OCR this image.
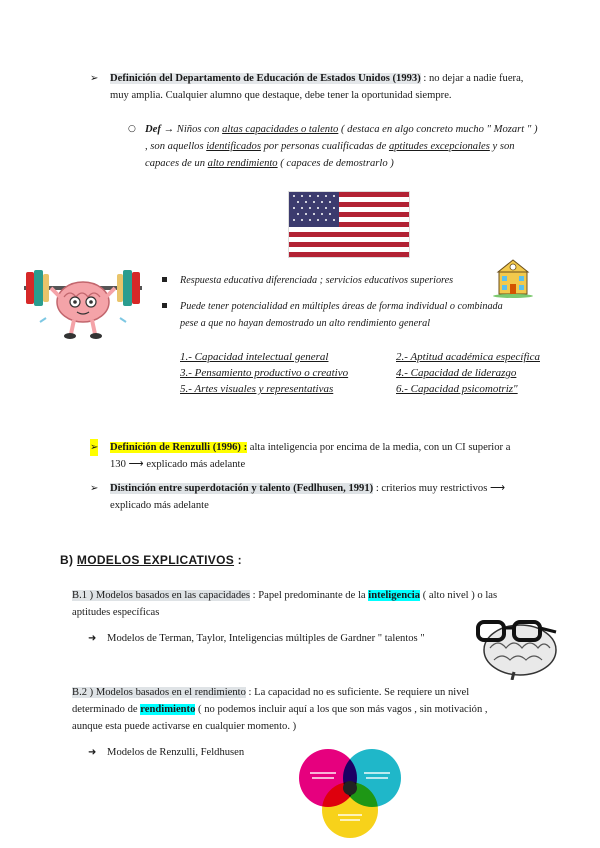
➢ Definición del Departamento de Educación de Estados Unidos (1993) : no dejar a nadie fuera,
muy amplia. Cualquier alumno que destaque, debe tener la oportunidad siempre.
○ Def → Niños con altas capacidades o talento ( destaca en algo concreto mucho " Mozart " )
, son aquellos identificados por personas cualificadas de aptitudes excepcionales y son
capaces de un alto rendimiento ( capaces de demostrarlo )
Respuesta educativa diferenciada ; servicios educativos superiores
Puede tener potencialidad en múltiples áreas de forma individual o combinada
pese a que no hayan demostrado un alto rendimiento general
1.- Capacidad intelectual general	2.- Aptitud académica específica
3.- Pensamiento productivo o creativo	4.- Capacidad de liderazgo
5.- Artes visuales y representativas	6.- Capacidad psicomotriz"
➢ Definición de Renzulli (1996) : alta inteligencia por encima de la media, con un CI superior a
130 ⟶ explicado más adelante
➢ Distinción entre superdotación y talento (Fedlhusen, 1991) : criterios muy restrictivos ⟶
explicado más adelante
B) MODELOS EXPLICATIVOS :
B.1 ) Modelos basados en las capacidades : Papel predominante de la inteligencia ( alto nivel ) o las
aptitudes específicas
➜ Modelos de Terman, Taylor, Inteligencias múltiples de Gardner " talentos "
B.2 ) Modelos basados en el rendimiento : La capacidad no es suficiente. Se requiere un nivel
determinado de rendimiento ( no podemos incluir aquí a los que son más vagos , sin motivación ,
aunque esta puede activarse en cualquier momento. )
➜ Modelos de Renzulli, Feldhusen
